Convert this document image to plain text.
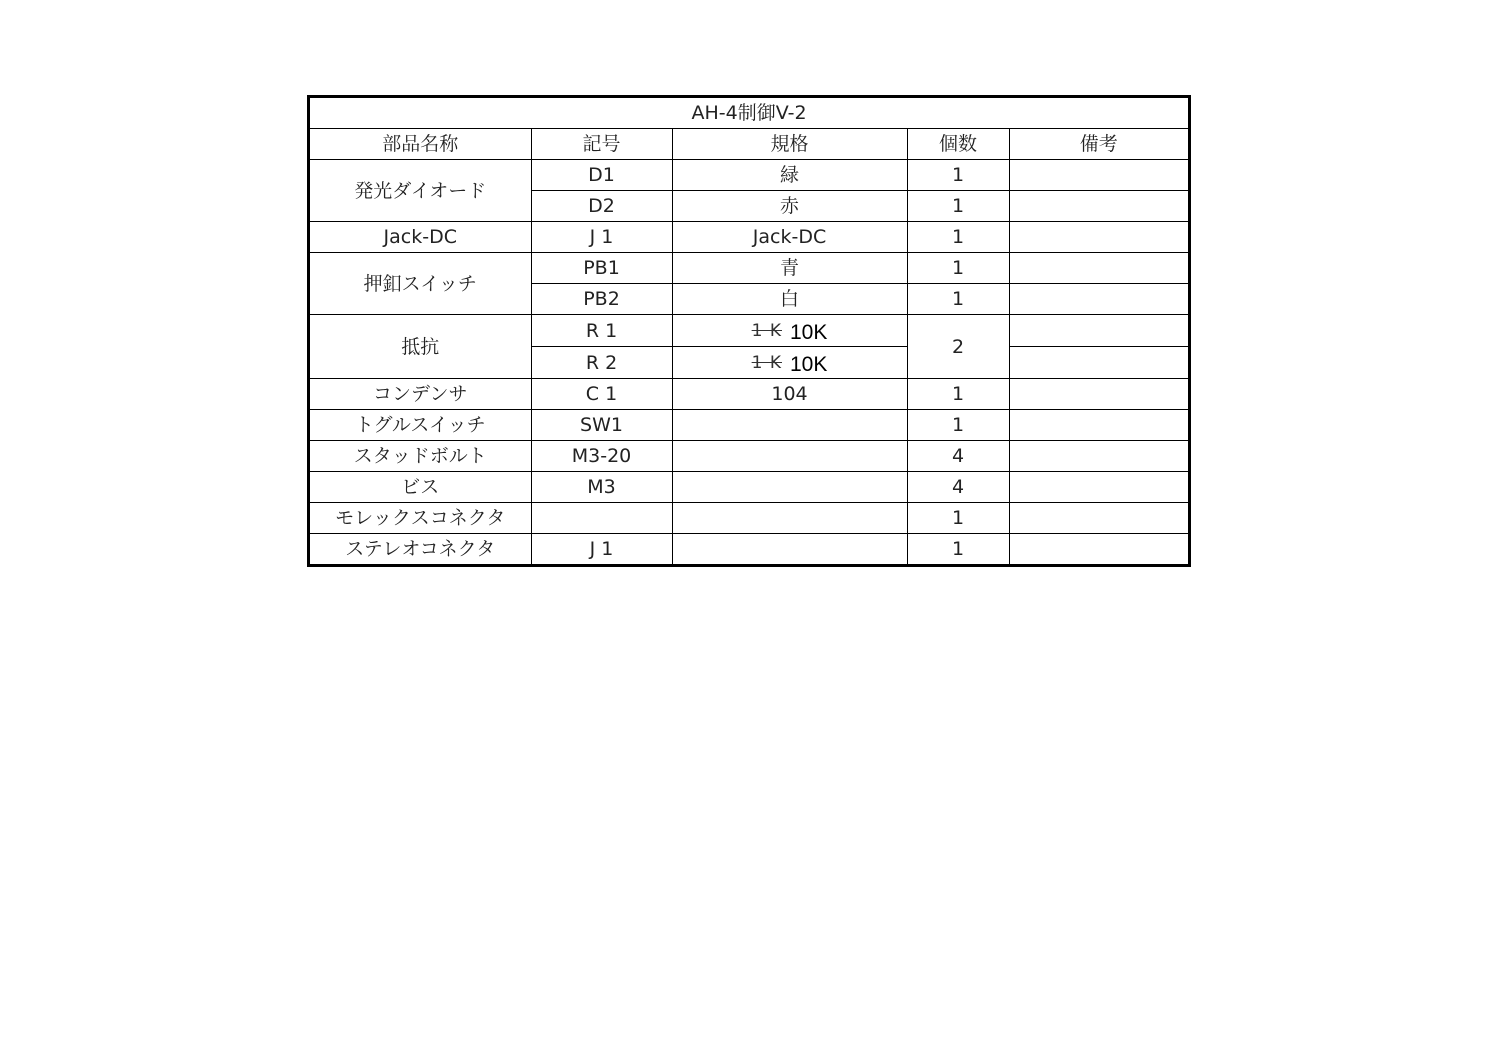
AH-4制御V-2				
部品名称	記号	規格	個数	備考
発光ダイオード	D1	緑	1	
	D2	赤	1	
Jack-DC	J 1	Jack-DC	1	
押釦スイッチ	PB1	青	1	
	PB2	白	1	
抵抗	R 1	1 K 10K	2	
	R 2	1 K 10K		
コンデンサ	C 1	104	1	
トグルスイッチ	SW1		1	
スタッドボルト	M3-20		4	
ビス	M3		4	
モレックスコネクタ			1	
ステレオコネクタ	J 1		1	
